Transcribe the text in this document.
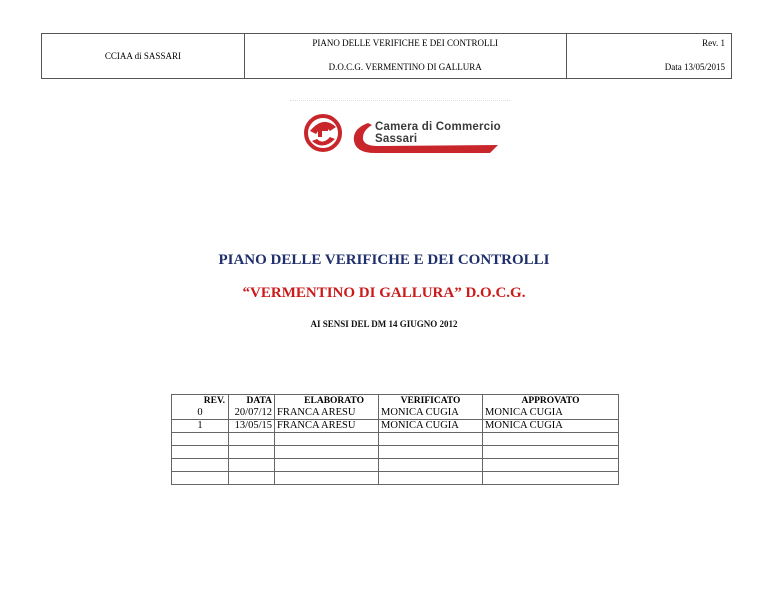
CCIAA di SASSARI	
PIANO DELLE VERIFICHE E DEI CONTROLLI
D.O.C.G. VERMENTINO DI GALLURA

Rev. 1
Data 13/05/2015
Camera di Commercio
Sassari
PIANO DELLE VERIFICHE E DEI CONTROLLI
“VERMENTINO DI GALLURA” D.O.C.G.
AI SENSI DEL DM 14 GIUGNO 2012
REV.	DATA	ELABORATO	VERIFICATO	APPROVATO
0	20/07/12	FRANCA ARESU	MONICA CUGIA	MONICA CUGIA
1	13/05/15	FRANCA ARESU	MONICA CUGIA	MONICA CUGIA
